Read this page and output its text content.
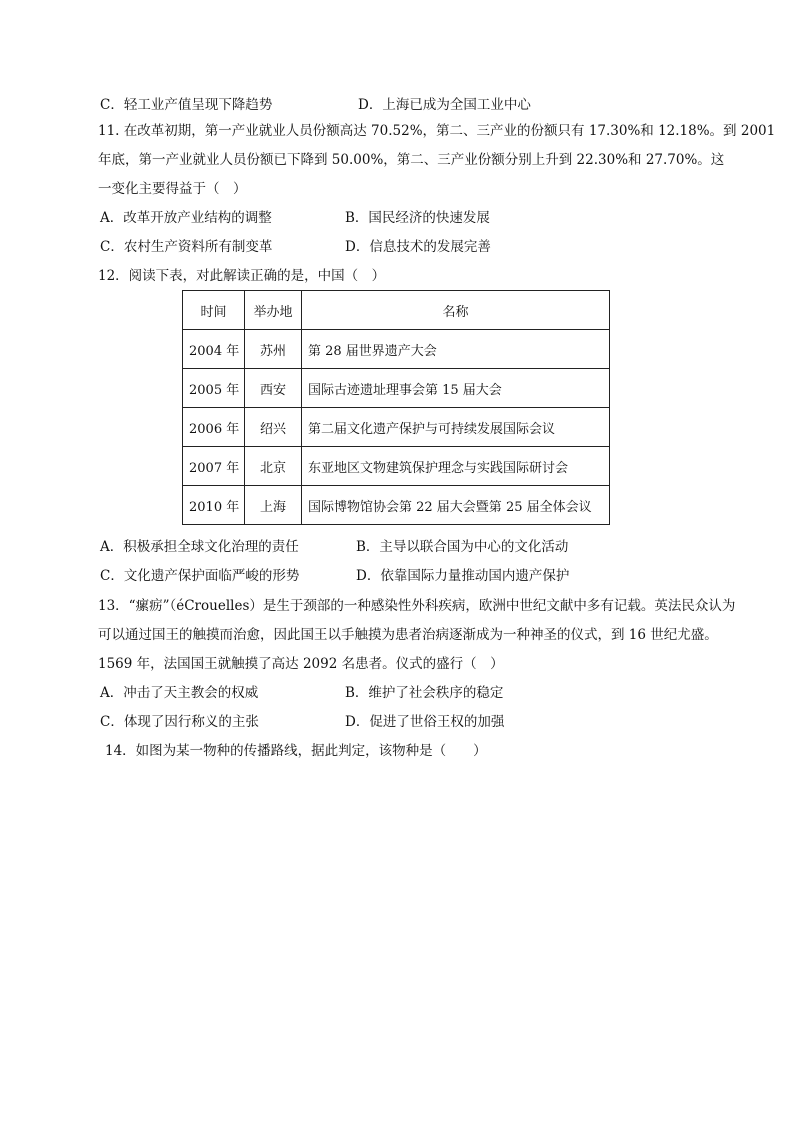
C．轻工业产值呈现下降趋势	D．上海已成为全国工业中心
11. 在改革初期，第一产业就业人员份额高达 70.52%，第二、三产业的份额只有 17.30%和 12.18%。到 2001
年底，第一产业就业人员份额已下降到 50.00%，第二、三产业份额分别上升到 22.30%和 27.70%。这
一变化主要得益于（　）
A．改革开放产业结构的调整	B．国民经济的快速发展
C．农村生产资料所有制变革	D．信息技术的发展完善
12．阅读下表，对此解读正确的是，中国（　）
时间	举办地	名称
2004 年	苏州	第 28 届世界遗产大会
2005 年	西安	国际古迹遗址理事会第 15 届大会
2006 年	绍兴	第二届文化遗产保护与可持续发展国际会议
2007 年	北京	东亚地区文物建筑保护理念与实践国际研讨会
2010 年	上海	国际博物馆协会第 22 届大会暨第 25 届全体会议
A．积极承担全球文化治理的责任	B．主导以联合国为中心的文化活动
C．文化遗产保护面临严峻的形势	D．依靠国际力量推动国内遗产保护
13．“瘰疬”（éCrouelles）是生于颈部的一种感染性外科疾病，欧洲中世纪文献中多有记载。英法民众认为
可以通过国王的触摸而治愈，因此国王以手触摸为患者治病逐渐成为一种神圣的仪式，到 16 世纪尤盛。
1569 年，法国国王就触摸了高达 2092 名患者。仪式的盛行（　）
A．冲击了天主教会的权威	B．维护了社会秩序的稳定
C．体现了因行称义的主张	D．促进了世俗王权的加强
14．如图为某一物种的传播路线，据此判定，该物种是（　　）
